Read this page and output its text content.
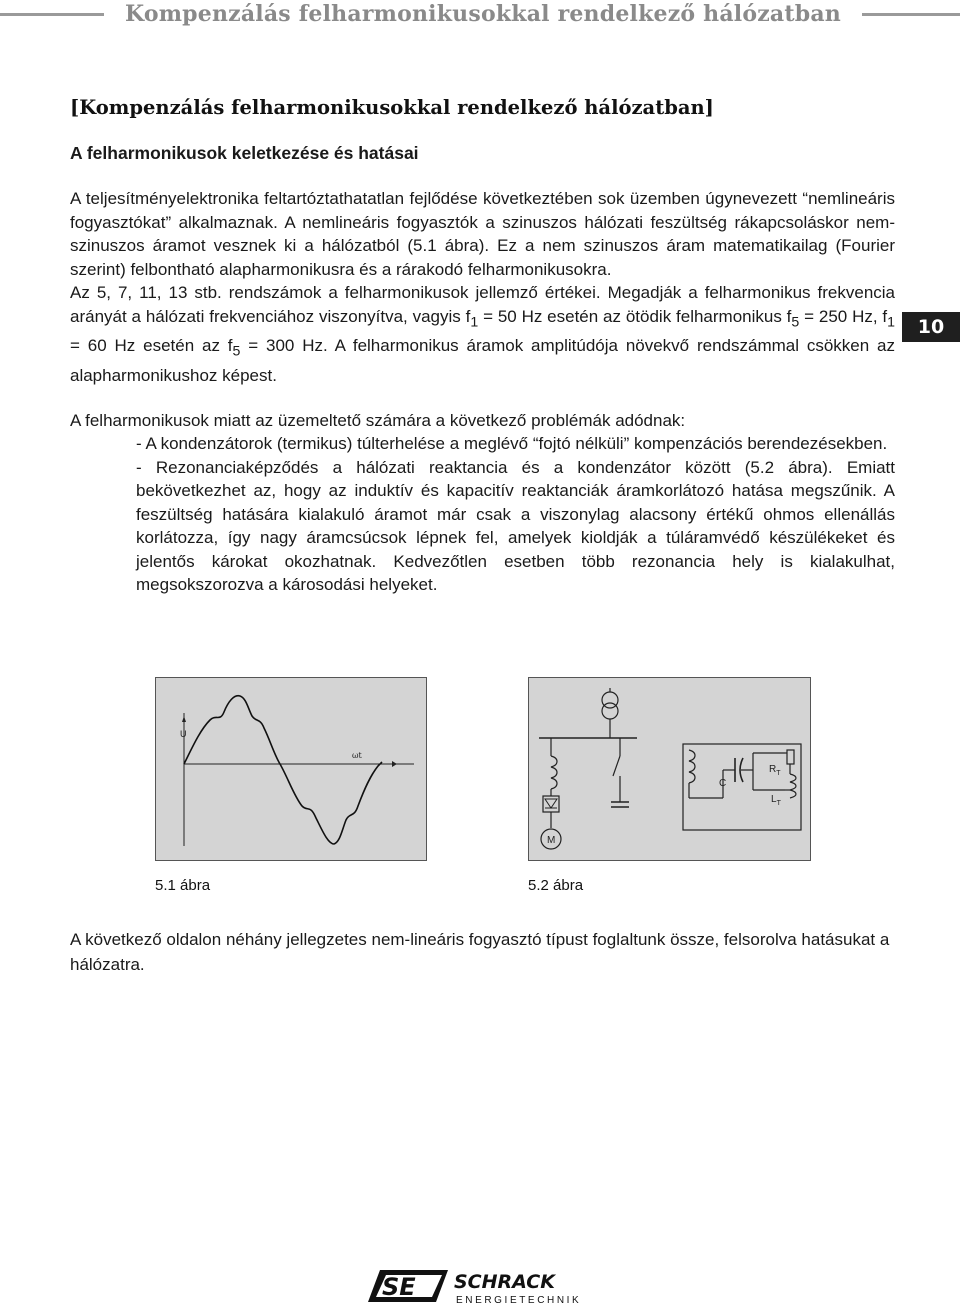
Kompenzálás felharmonikusokkal rendelkező hálózatban
10
[Kompenzálás felharmonikusokkal rendelkező hálózatban]
A felharmonikusok keletkezése és hatásai

A teljesítményelektronika feltartóztathatatlan fejlődése következtében sok üzemben úgynevezett “nemlineáris fogyasztókat” alkalmaznak. A nemlineáris fogyasztók a szinuszos hálózati feszültség rákapcsoláskor nem-szinuszos áramot vesznek ki a hálózatból (5.1 ábra). Ez a nem szinuszos áram matematikailag (Fourier szerint) felbontható alapharmonikusra és a rárakodó felharmonikusokra.

Az 5, 7, 11, 13 stb. rendszámok a felharmonikusok jellemző értékei. Megadják a felharmonikus frekvencia arányát a hálózati frekvenciához viszonyítva, vagyis $f_1 = 50$ Hz esetén az ötödik felharmonikus $f_5 = 250$ Hz, $f_1 = 60$ Hz esetén az $f_5 = 300$ Hz. A felharmonikus áramok amplitúdója növekvő rendszámmal csökken az alapharmonikushoz képest.

A felharmonikusok miatt az üzemeltető számára a következő problémák adódnak:

- A kondenzátorok (termikus) túlterhelése a meglévő “fojtó nélküli” kompenzációs berendezésekben.
- Rezonanciaképződés a hálózati reaktancia és a kondenzátor között (5.2 ábra). Emiatt bekövetkezhet az, hogy az induktív és kapacitív reaktanciák áramkorlátozó hatása megszűnik. A feszültség hatására kialakuló áramot már csak a viszonylag alacsony értékű ohmos ellenállás korlátozza, így nagy áramcsúcsok lépnek fel, amelyek kioldják a túláramvédő készülékeket és jelentős károkat okozhatnak. Kedvezőtlen esetben több rezonancia hely is kialakulhat, megsokszorozva a károsodási helyeket.
U
ωt
M
C
$R_T$
$L_T$
5.1 ábra	5.2 ábra
A következő oldalon néhány jellegzetes nem-lineáris fogyasztó típust foglaltunk össze, felsorolva hatásukat a hálózatra.
SE SCHRACK
ENERGIETECHNIK
